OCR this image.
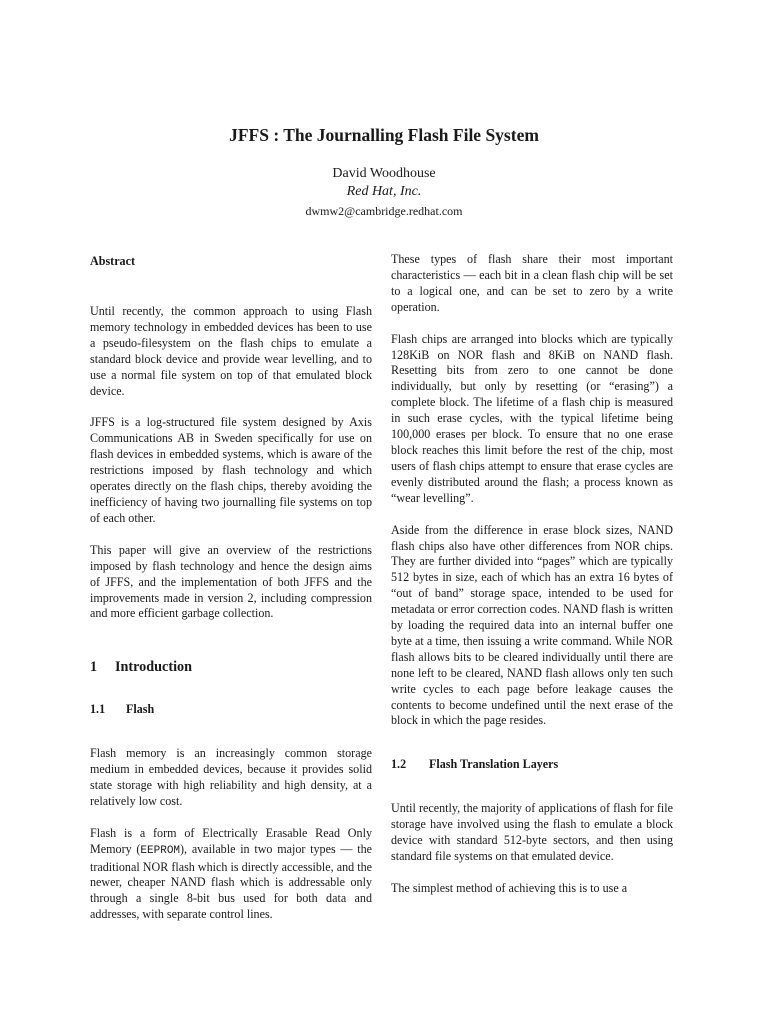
JFFS : The Journalling Flash File System
David Woodhouse
Red Hat, Inc.
dwmw2@cambridge.redhat.com
Abstract

Until recently, the common approach to using Flash memory technology in embedded devices has been to use a pseudo-filesystem on the flash chips to emulate a standard block device and provide wear levelling, and to use a normal file system on top of that emulated block device.

JFFS is a log-structured file system designed by Axis Communications AB in Sweden specifically for use on flash devices in embedded systems, which is aware of the restrictions imposed by flash technology and which operates directly on the flash chips, thereby avoiding the inefficiency of having two journalling file systems on top of each other.

This paper will give an overview of the restrictions imposed by flash technology and hence the design aims of JFFS, and the implementation of both JFFS and the improvements made in version 2, including compression and more efficient garbage collection.

1 Introduction
1.1 Flash

Flash memory is an increasingly common storage medium in embedded devices, because it provides solid state storage with high reliability and high density, at a relatively low cost.

Flash is a form of Electrically Erasable Read Only Memory (EEPROM), available in two major types — the traditional NOR flash which is directly accessible, and the newer, cheaper NAND flash which is addressable only through a single 8-bit bus used for both data and addresses, with separate control lines.

These types of flash share their most important characteristics — each bit in a clean flash chip will be set to a logical one, and can be set to zero by a write operation.

Flash chips are arranged into blocks which are typically 128KiB on NOR flash and 8KiB on NAND flash. Resetting bits from zero to one cannot be done individually, but only by resetting (or “erasing”) a complete block. The lifetime of a flash chip is measured in such erase cycles, with the typical lifetime being 100,000 erases per block. To ensure that no one erase block reaches this limit before the rest of the chip, most users of flash chips attempt to ensure that erase cycles are evenly distributed around the flash; a process known as “wear levelling”.

Aside from the difference in erase block sizes, NAND flash chips also have other differences from NOR chips. They are further divided into “pages” which are typically 512 bytes in size, each of which has an extra 16 bytes of “out of band” storage space, intended to be used for metadata or error correction codes. NAND flash is written by loading the required data into an internal buffer one byte at a time, then issuing a write command. While NOR flash allows bits to be cleared individually until there are none left to be cleared, NAND flash allows only ten such write cycles to each page before leakage causes the contents to become undefined until the next erase of the block in which the page resides.

1.2 Flash Translation Layers

Until recently, the majority of applications of flash for file storage have involved using the flash to emulate a block device with standard 512-byte sectors, and then using standard file systems on that emulated device.

The simplest method of achieving this is to use a
